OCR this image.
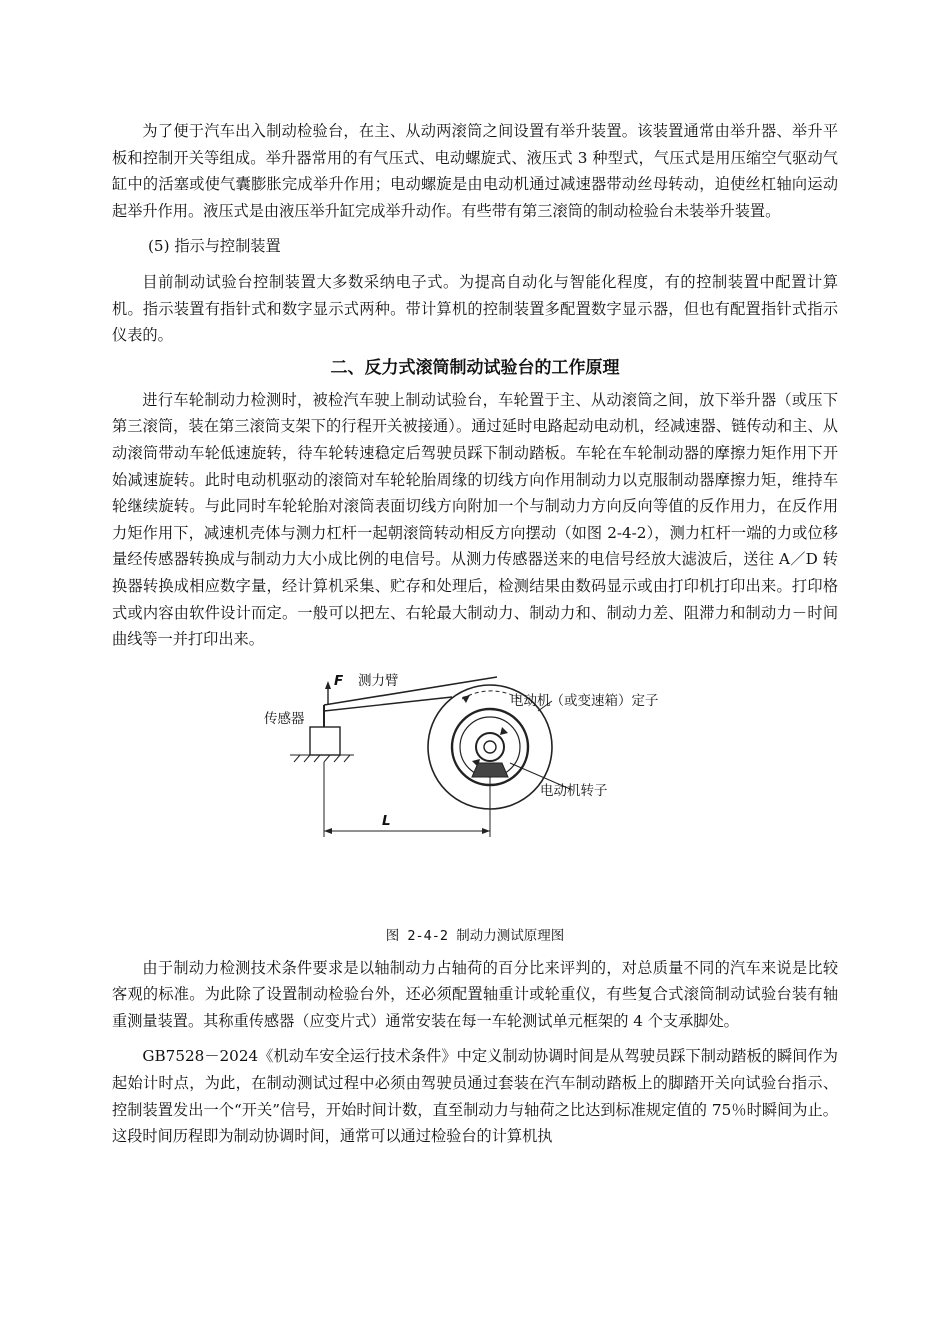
为了便于汽车出入制动检验台，在主、从动两滚筒之间设置有举升装置。该装置通常由举升器、举升平板和控制开关等组成。举升器常用的有气压式、电动螺旋式、液压式 3 种型式，气压式是用压缩空气驱动气缸中的活塞或使气囊膨胀完成举升作用；电动螺旋是由电动机通过减速器带动丝母转动，迫使丝杠轴向运动起举升作用。液压式是由液压举升缸完成举升动作。有些带有第三滚筒的制动检验台未装举升装置。

(5) 指示与控制装置

目前制动试验台控制装置大多数采纳电子式。为提高自动化与智能化程度，有的控制装置中配置计算机。指示装置有指针式和数字显示式两种。带计算机的控制装置多配置数字显示器，但也有配置指针式指示仪表的。

二、反力式滚筒制动试验台的工作原理

进行车轮制动力检测时，被检汽车驶上制动试验台，车轮置于主、从动滚筒之间，放下举升器（或压下第三滚筒，装在第三滚筒支架下的行程开关被接通）。通过延时电路起动电动机，经减速器、链传动和主、从动滚筒带动车轮低速旋转，待车轮转速稳定后驾驶员踩下制动踏板。车轮在车轮制动器的摩擦力矩作用下开始减速旋转。此时电动机驱动的滚筒对车轮轮胎周缘的切线方向作用制动力以克服制动器摩擦力矩，维持车轮继续旋转。与此同时车轮轮胎对滚筒表面切线方向附加一个与制动力方向反向等值的反作用力，在反作用力矩作用下，减速机壳体与测力杠杆一起朝滚筒转动相反方向摆动（如图 2-4-2），测力杠杆一端的力或位移量经传感器转换成与制动力大小成比例的电信号。从测力传感器送来的电信号经放大滤波后，送往 A／D 转换器转换成相应数字量，经计算机采集、贮存和处理后，检测结果由数码显示或由打印机打印出来。打印格式或内容由软件设计而定。一般可以把左、右轮最大制动力、制动力和、制动力差、阻滞力和制动力－时间曲线等一并打印出来。

F 测力臂
传感器
电动机（或变速箱）定子
电动机转子
L

图 2-4-2 制动力测试原理图

由于制动力检测技术条件要求是以轴制动力占轴荷的百分比来评判的，对总质量不同的汽车来说是比较客观的标准。为此除了设置制动检验台外，还必须配置轴重计或轮重仪，有些复合式滚筒制动试验台装有轴重测量装置。其称重传感器（应变片式）通常安装在每一车轮测试单元框架的 4 个支承脚处。

GB7528－2024《机动车安全运行技术条件》中定义制动协调时间是从驾驶员踩下制动踏板的瞬间作为起始计时点，为此，在制动测试过程中必须由驾驶员通过套装在汽车制动踏板上的脚踏开关向试验台指示、控制装置发出一个“开关”信号，开始时间计数，直至制动力与轴荷之比达到标准规定值的 75％时瞬间为止。这段时间历程即为制动协调时间，通常可以通过检验台的计算机执
